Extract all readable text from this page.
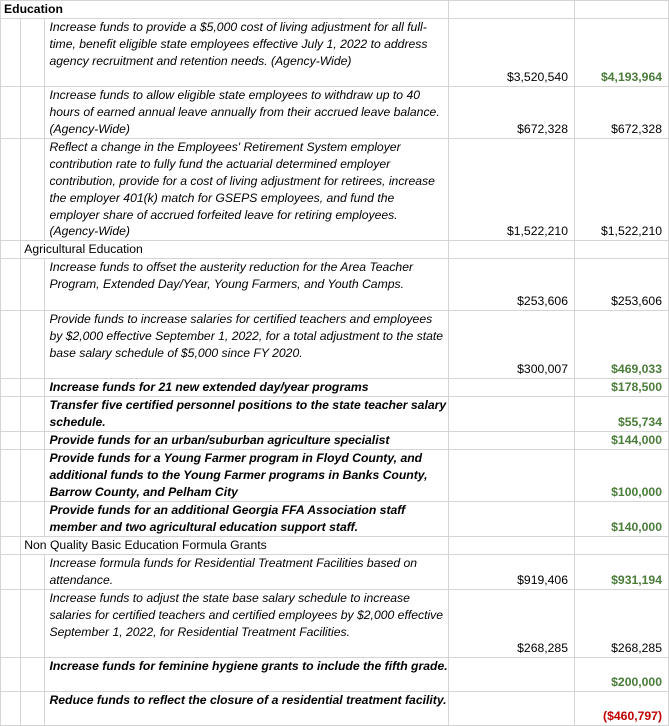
Education				
		Increase funds to provide a $5,000 cost of living adjustment for all full-time, benefit eligible state employees effective July 1, 2022 to address agency recruitment and retention needs. (Agency-Wide)	$3,520,540	$4,193,964
		Increase funds to allow eligible state employees to withdraw up to 40 hours of earned annual leave annually from their accrued leave balance. (Agency-Wide)	$672,328	$672,328
		Reflect a change in the Employees' Retirement System employer contribution rate to fully fund the actuarial determined employer contribution, provide for a cost of living adjustment for retirees, increase the employer 401(k) match for GSEPS employees, and fund the employer share of accrued forfeited leave for retiring employees. (Agency-Wide)	$1,522,210	$1,522,210
	Agricultural Education			
		Increase funds to offset the austerity reduction for the Area Teacher Program, Extended Day/Year, Young Farmers, and Youth Camps.	$253,606	$253,606
		Provide funds to increase salaries for certified teachers and employees by $2,000 effective September 1, 2022, for a total adjustment to the state base salary schedule of $5,000 since FY 2020.	$300,007	$469,033
		Increase funds for 21 new extended day/year programs		$178,500
		Transfer five certified personnel positions to the state teacher salary schedule.		$55,734
		Provide funds for an urban/suburban agriculture specialist		$144,000
		Provide funds for a Young Farmer program in Floyd County, and additional funds to the Young Farmer programs in Banks County, Barrow County, and Pelham City		$100,000
		Provide funds for an additional Georgia FFA Association staff member and two agricultural education support staff.		$140,000
	Non Quality Basic Education Formula Grants			
		Increase formula funds for Residential Treatment Facilities based on attendance.	$919,406	$931,194
		Increase funds to adjust the state base salary schedule to increase salaries for certified teachers and certified employees by $2,000 effective September 1, 2022, for Residential Treatment Facilities.	$268,285	$268,285
		Increase funds for feminine hygiene grants to include the fifth grade.		$200,000
		Reduce funds to reflect the closure of a residential treatment facility.		($460,797)
